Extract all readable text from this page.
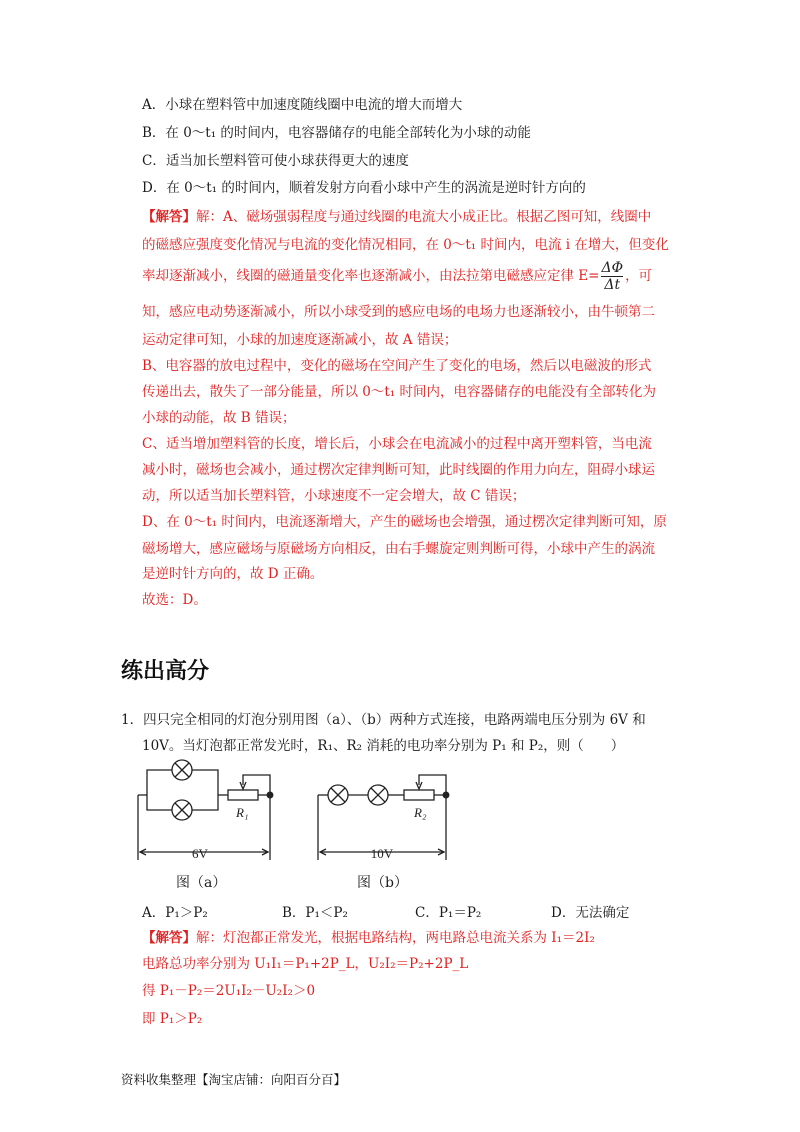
A．小球在塑料管中加速度随线圈中电流的增大而增大
B．在 0～t₁ 的时间内，电容器储存的电能全部转化为小球的动能
C．适当加长塑料管可使小球获得更大的速度
D．在 0～t₁ 的时间内，顺着发射方向看小球中产生的涡流是逆时针方向的
【解答】解：A、磁场强弱程度与通过线圈的电流大小成正比。根据乙图可知，线圈中
的磁感应强度变化情况与电流的变化情况相同，在 0～t₁ 时间内，电流 i 在增大，但变化
率却逐渐减小，线圈的磁通量变化率也逐渐减小，由法拉第电磁感应定律 $E= \frac{\Delta\Phi}{\Delta t}$ ，可
知，感应电动势逐渐减小，所以小球受到的感应电场的电场力也逐渐较小，由牛顿第二
运动定律可知，小球的加速度逐渐减小，故 A 错误；
B、电容器的放电过程中，变化的磁场在空间产生了变化的电场，然后以电磁波的形式
传递出去，散失了一部分能量，所以 0～t₁ 时间内，电容器储存的电能没有全部转化为
小球的动能，故 B 错误；
C、适当增加塑料管的长度，增长后，小球会在电流减小的过程中离开塑料管，当电流
减小时，磁场也会减小，通过楞次定律判断可知，此时线圈的作用力向左，阻碍小球运
动，所以适当加长塑料管，小球速度不一定会增大，故 C 错误；
D、在 0～t₁ 时间内，电流逐渐增大，产生的磁场也会增强，通过楞次定律判断可知，原
磁场增大，感应磁场与原磁场方向相反，由右手螺旋定则判断可得，小球中产生的涡流
是逆时针方向的，故 D 正确。
故选：D。
练出高分
1．四只完全相同的灯泡分别用图（a）、（b）两种方式连接，电路两端电压分别为 6V 和
10V。当灯泡都正常发光时，R₁、R₂ 消耗的电功率分别为 P₁ 和 P₂，则（　　）
R₁
6V
R₂
10V
图（a）	图（b）
A．P₁＞P₂	B．P₁＜P₂	C．P₁＝P₂	D．无法确定
【解答】解：灯泡都正常发光，根据电路结构，两电路总电流关系为 I₁＝2I₂
电路总功率分别为 U₁I₁＝P₁+2P_L，U₂I₂＝P₂+2P_L
得 P₁－P₂＝2U₁I₂－U₂I₂＞0
即 P₁＞P₂
资料收集整理【淘宝店铺：向阳百分百】
